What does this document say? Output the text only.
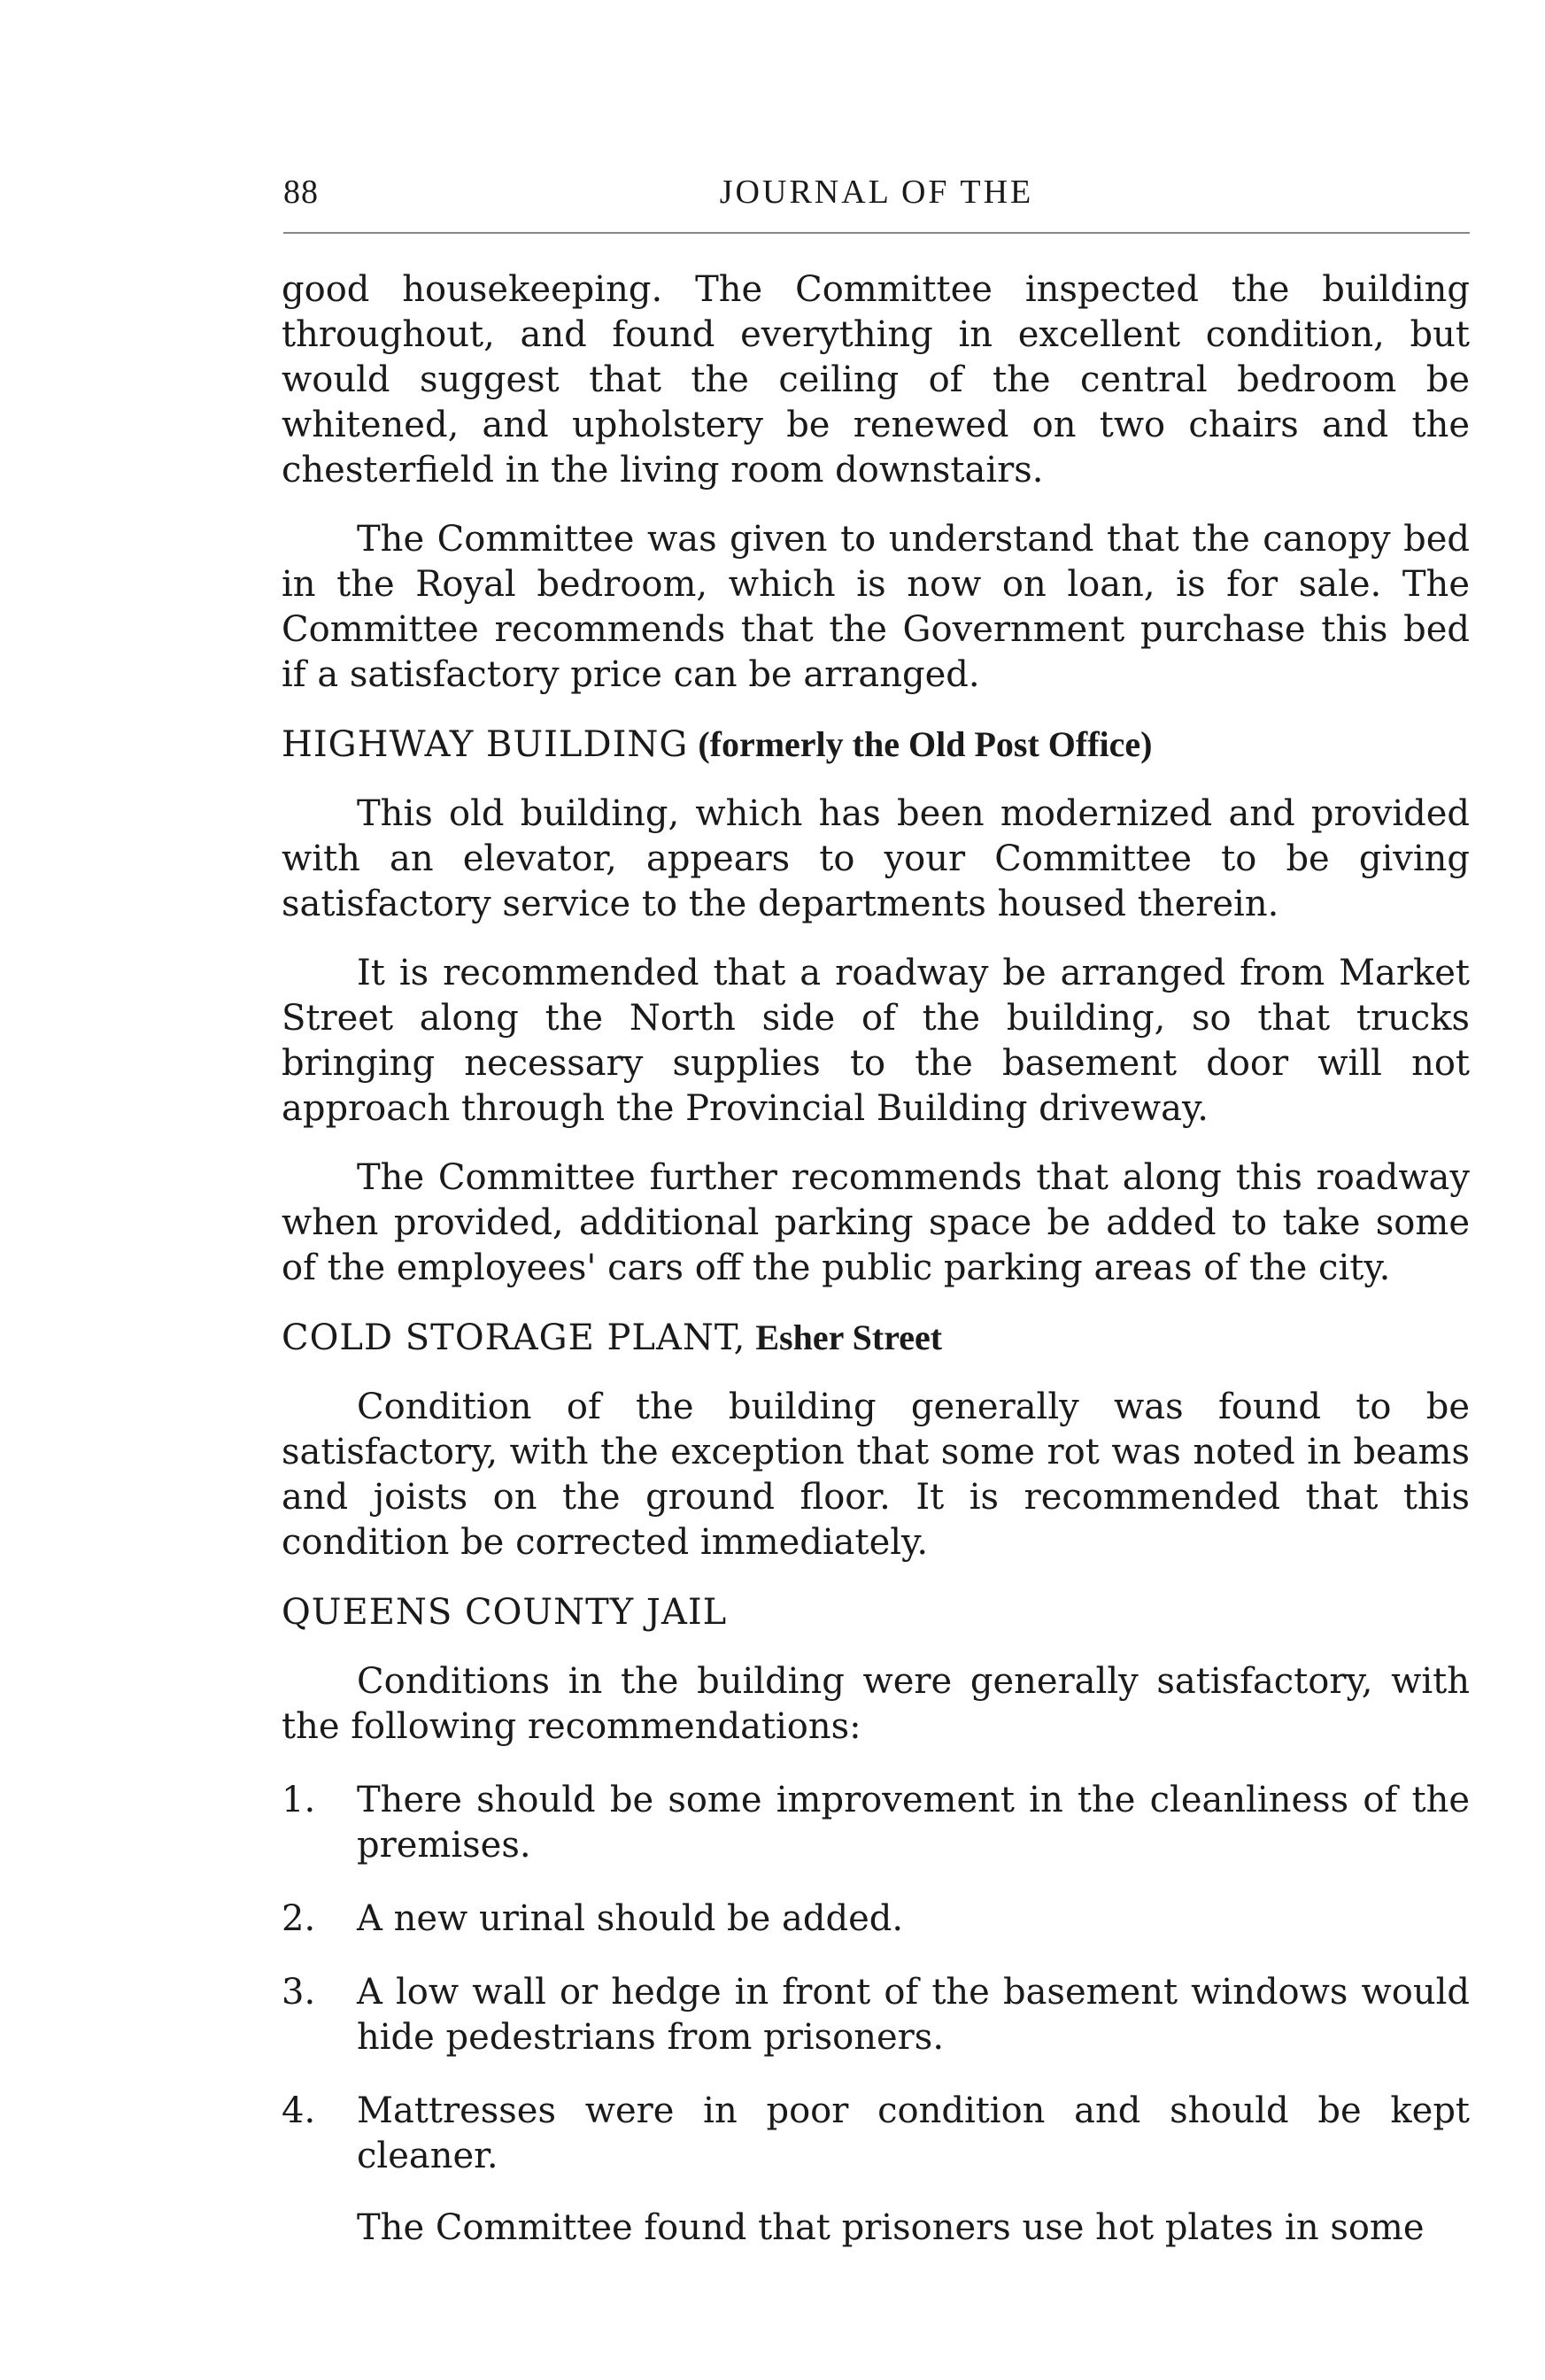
88	JOURNAL OF THE

good housekeeping. The Committee inspected the building throughout, and found everything in excellent condition, but would suggest that the ceiling of the central bedroom be whitened, and upholstery be renewed on two chairs and the chesterfield in the living room downstairs.

The Committee was given to understand that the canopy bed in the Royal bedroom, which is now on loan, is for sale. The Committee recommends that the Government purchase this bed if a satisfactory price can be arranged.

HIGHWAY BUILDING (formerly the Old Post Office)

This old building, which has been modernized and provided with an elevator, appears to your Committee to be giving satisfactory service to the departments housed therein.

It is recommended that a roadway be arranged from Market Street along the North side of the building, so that trucks bringing necessary supplies to the basement door will not approach through the Provincial Building driveway.

The Committee further recommends that along this roadway when provided, additional parking space be added to take some of the employees' cars off the public parking areas of the city.

COLD STORAGE PLANT, Esher Street

Condition of the building generally was found to be satisfactory, with the exception that some rot was noted in beams and joists on the ground floor. It is recommended that this condition be corrected immediately.

QUEENS COUNTY JAIL

Conditions in the building were generally satisfactory, with the following recommendations:

1. There should be some improvement in the cleanliness of the premises.
2. A new urinal should be added.
3. A low wall or hedge in front of the basement windows would hide pedestrians from prisoners.
4. Mattresses were in poor condition and should be kept cleaner.

The Committee found that prisoners use hot plates in some
